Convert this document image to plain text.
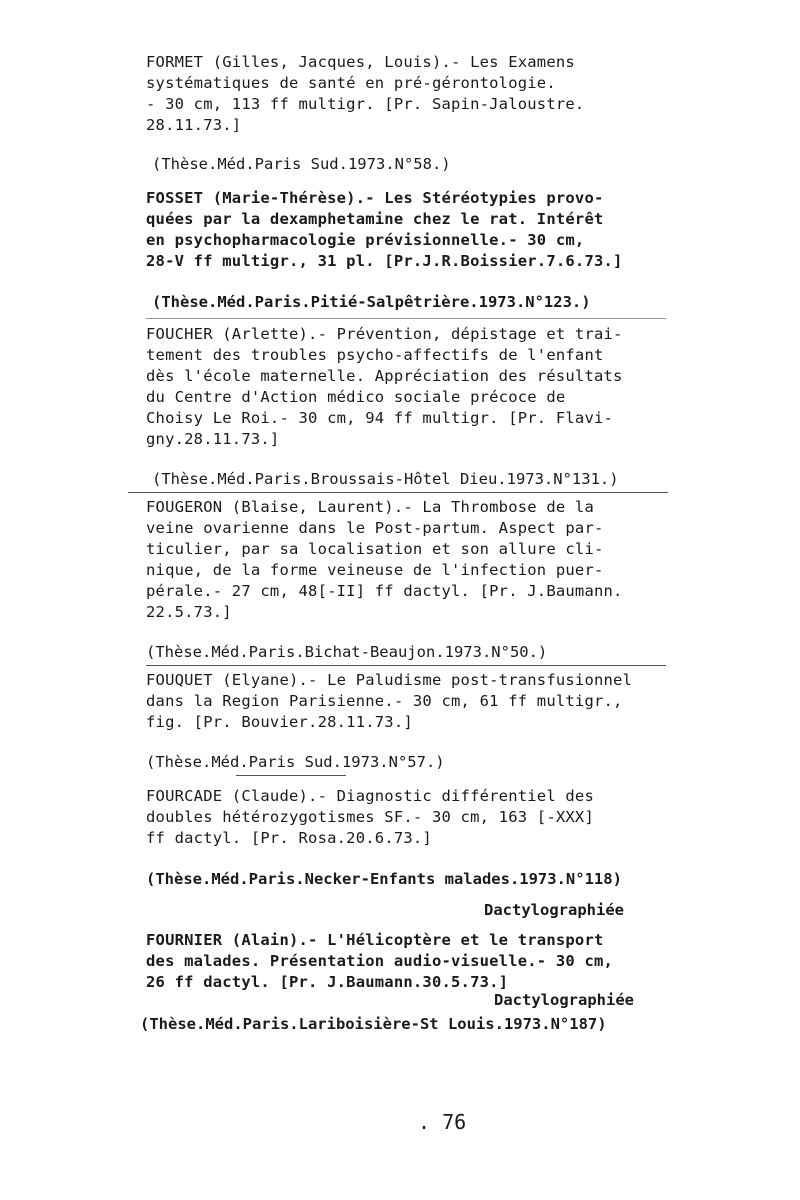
FORMET (Gilles, Jacques, Louis).- Les Examens
systématiques de santé en pré-gérontologie.
- 30 cm, 113 ff multigr. [Pr. Sapin-Jaloustre.
28.11.73.]
(Thèse.Méd.Paris Sud.1973.N°58.)
FOSSET (Marie-Thérèse).- Les Stéréotypies provo-
quées par la dexamphetamine chez le rat. Intérêt
en psychopharmacologie prévisionnelle.- 30 cm,
28-V ff multigr., 31 pl. [Pr.J.R.Boissier.7.6.73.]
(Thèse.Méd.Paris.Pitié-Salpêtrière.1973.N°123.)
FOUCHER (Arlette).- Prévention, dépistage et trai-
tement des troubles psycho-affectifs de l'enfant
dès l'école maternelle. Appréciation des résultats
du Centre d'Action médico sociale précoce de
Choisy Le Roi.- 30 cm, 94 ff multigr. [Pr. Flavi-
gny.28.11.73.]
(Thèse.Méd.Paris.Broussais-Hôtel Dieu.1973.N°131.)
FOUGERON (Blaise, Laurent).- La Thrombose de la
veine ovarienne dans le Post-partum. Aspect par-
ticulier, par sa localisation et son allure cli-
nique, de la forme veineuse de l'infection puer-
pérale.- 27 cm, 48[-II] ff dactyl. [Pr. J.Baumann.
22.5.73.]
(Thèse.Méd.Paris.Bichat-Beaujon.1973.N°50.)
FOUQUET (Elyane).- Le Paludisme post-transfusionnel
dans la Region Parisienne.- 30 cm, 61 ff multigr.,
fig. [Pr. Bouvier.28.11.73.]
(Thèse.Méd.Paris Sud.1973.N°57.)
FOURCADE (Claude).- Diagnostic différentiel des
doubles hétérozygotismes SF.- 30 cm, 163 [-XXX]
ff dactyl. [Pr. Rosa.20.6.73.]
(Thèse.Méd.Paris.Necker-Enfants malades.1973.N°118)
Dactylographiée
FOURNIER (Alain).- L'Hélicoptère et le transport
des malades. Présentation audio-visuelle.- 30 cm,
26 ff dactyl. [Pr. J.Baumann.30.5.73.]
Dactylographiée
(Thèse.Méd.Paris.Lariboisière-St Louis.1973.N°187)
. 76
